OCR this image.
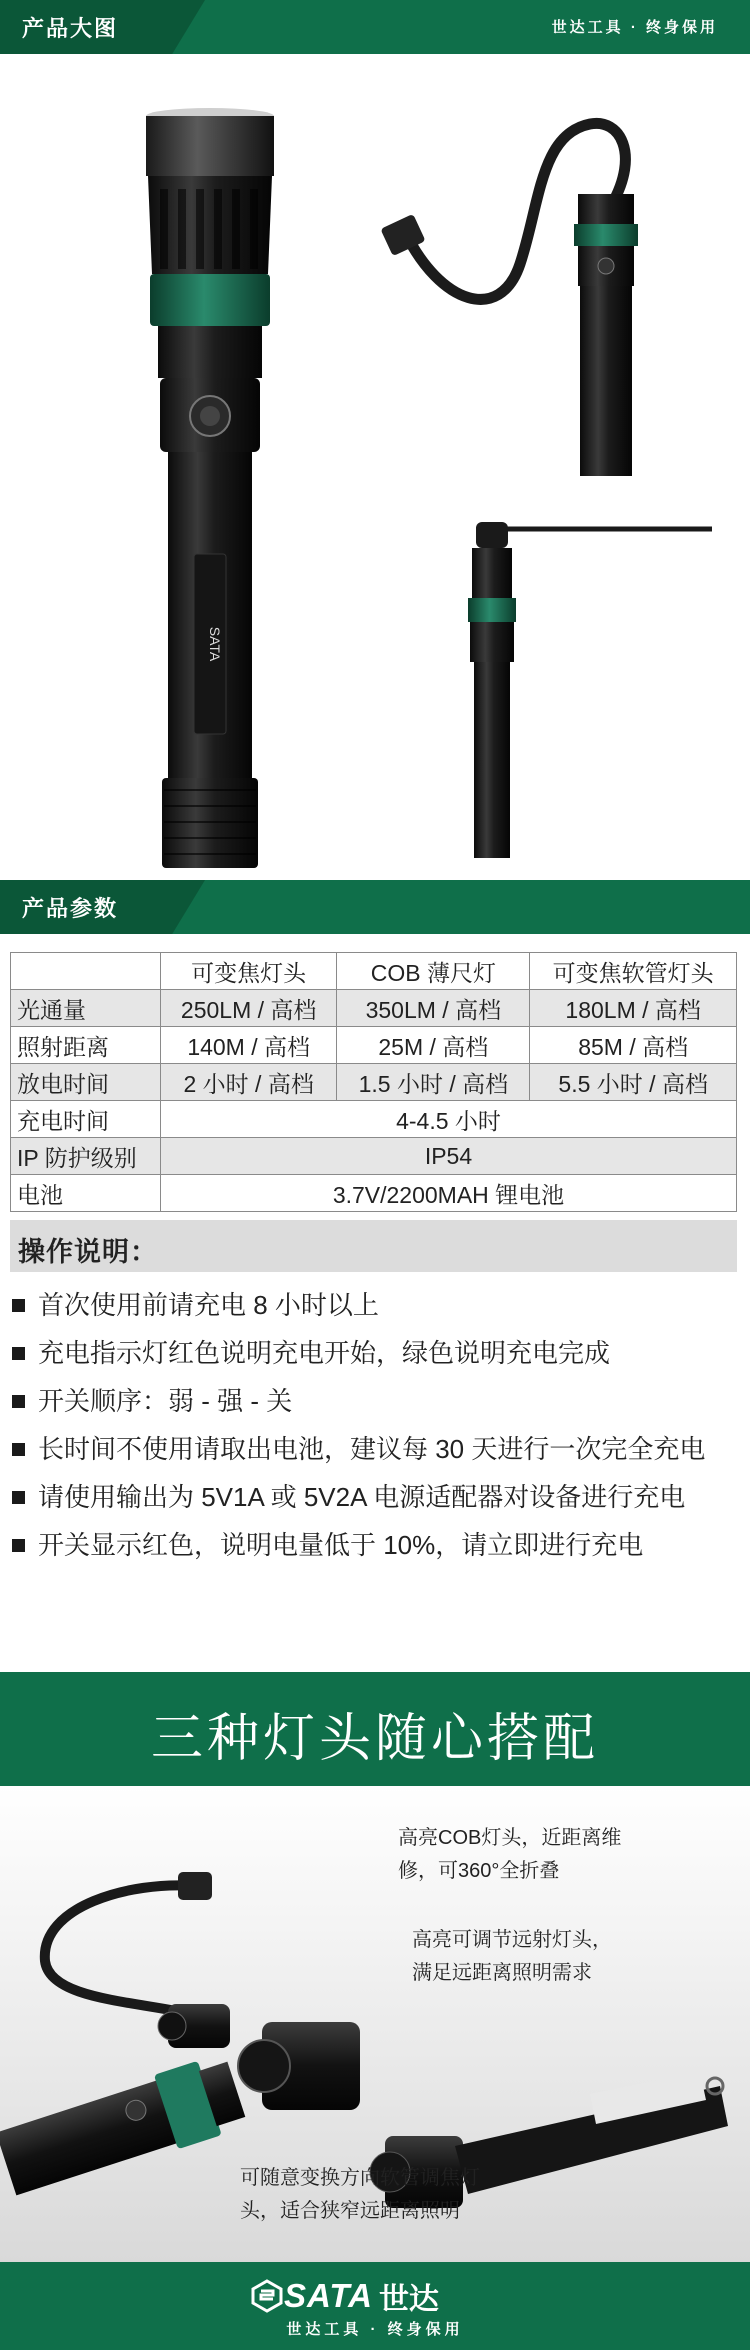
产品大图	世达工具 · 终身保用
SATA
产品参数
	可变焦灯头	COB 薄尺灯	可变焦软管灯头
光通量	250LM / 高档	350LM / 高档	180LM / 高档
照射距离	140M / 高档	25M / 高档	85M / 高档
放电时间	2 小时 / 高档	1.5 小时 / 高档	5.5 小时 / 高档
充电时间	4-4.5 小时		
IP 防护级别	IP54		
电池	3.7V/2200MAH 锂电池		
操作说明：
首次使用前请充电 8 小时以上
充电指示灯红色说明充电开始，绿色说明充电完成
开关顺序：弱 - 强 - 关
长时间不使用请取出电池，建议每 30 天进行一次完全充电
请使用输出为 5V1A 或 5V2A 电源适配器对设备进行充电
开关显示红色，说明电量低于 10%，请立即进行充电
三种灯头随心搭配
高亮COB灯头，近距离维
修，可360°全折叠
高亮可调节远射灯头，
满足远距离照明需求
可随意变换方向软管调焦灯
头，适合狭窄远距离照明
SATA 世达
世达工具 · 终身保用
